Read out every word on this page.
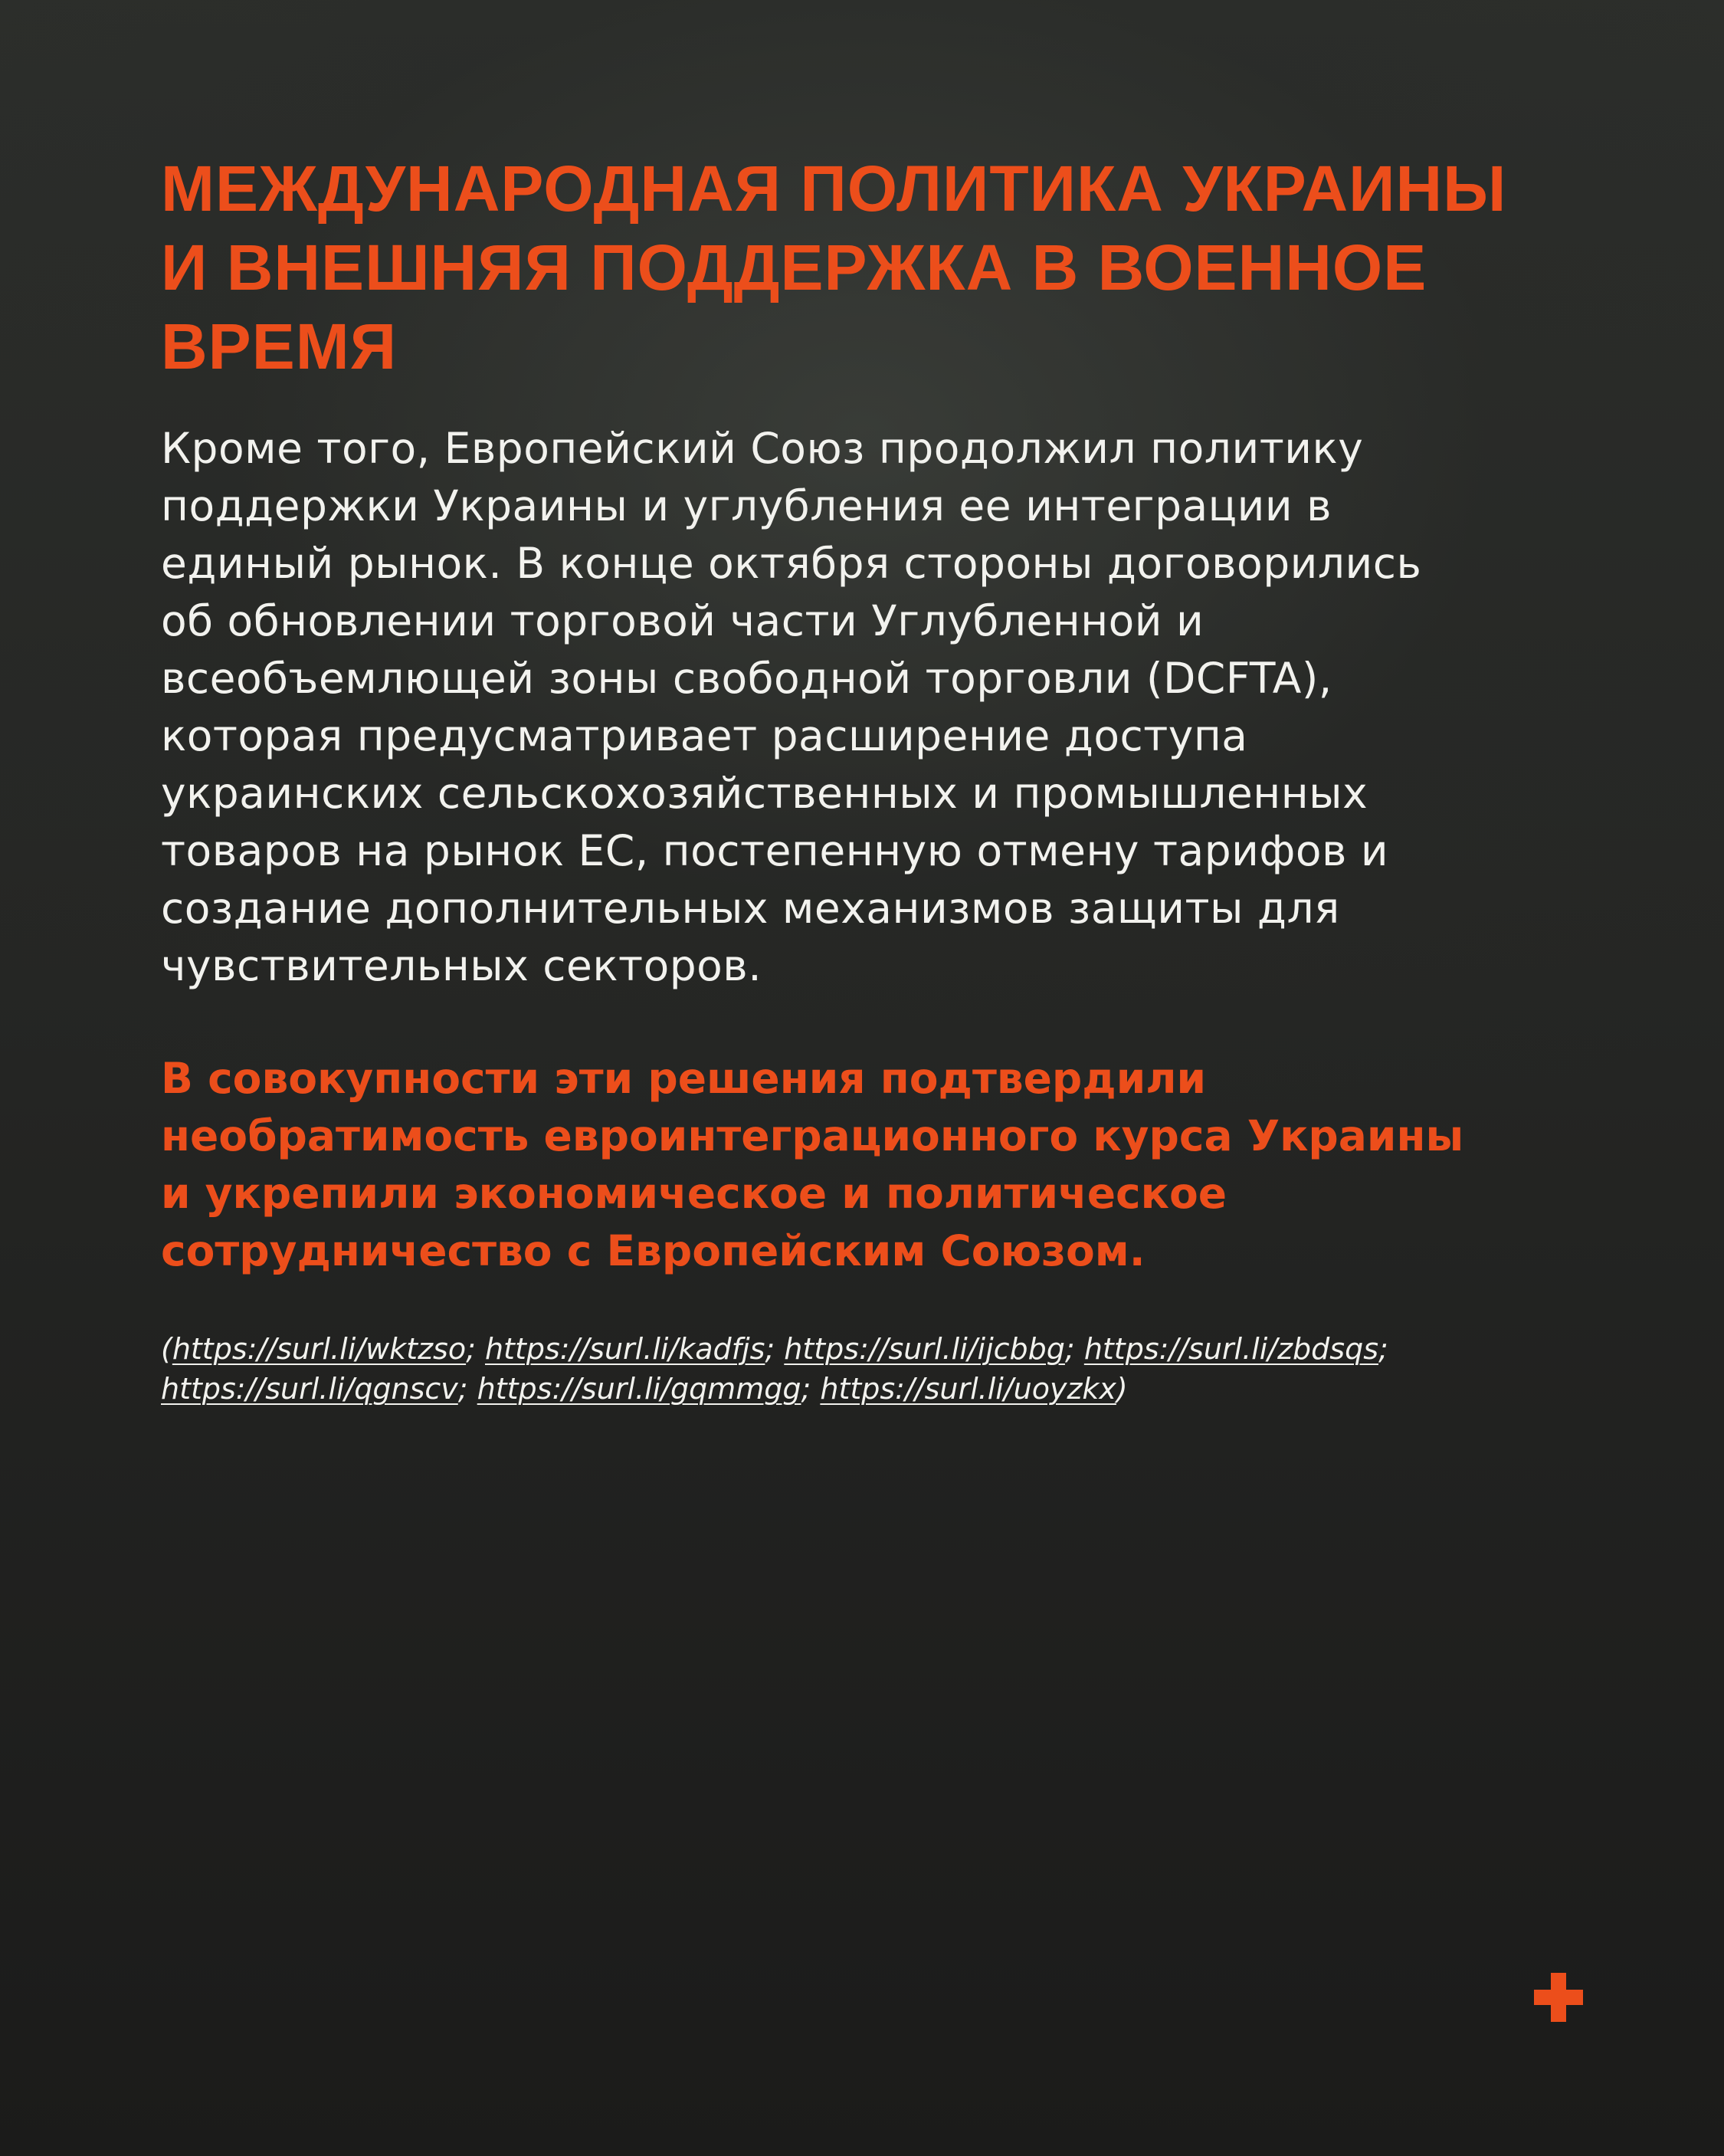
МЕЖДУНАРОДНАЯ ПОЛИТИКА УКРАИНЫ
И ВНЕШНЯЯ ПОДДЕРЖКА В ВОЕННОЕ
ВРЕМЯ

Кроме того, Европейский Союз продолжил политику
поддержки Украины и углубления ее интеграции в
единый рынок. В конце октября стороны договорились
об обновлении торговой части Углубленной и
всеобъемлющей зоны свободной торговли (DCFTA),
которая предусматривает расширение доступа
украинских сельскохозяйственных и промышленных
товаров на рынок ЕС, постепенную отмену тарифов и
создание дополнительных механизмов защиты для
чувствительных секторов.

В совокупности эти решения подтвердили
необратимость евроинтеграционного курса Украины
и укрепили экономическое и политическое
сотрудничество с Европейским Союзом.

(https://surl.li/wktzso; https://surl.li/kadfjs; https://surl.li/ijcbbg; https://surl.li/zbdsqs;
https://surl.li/qgnscv; https://surl.li/gqmmgg; https://surl.li/uoyzkx)
